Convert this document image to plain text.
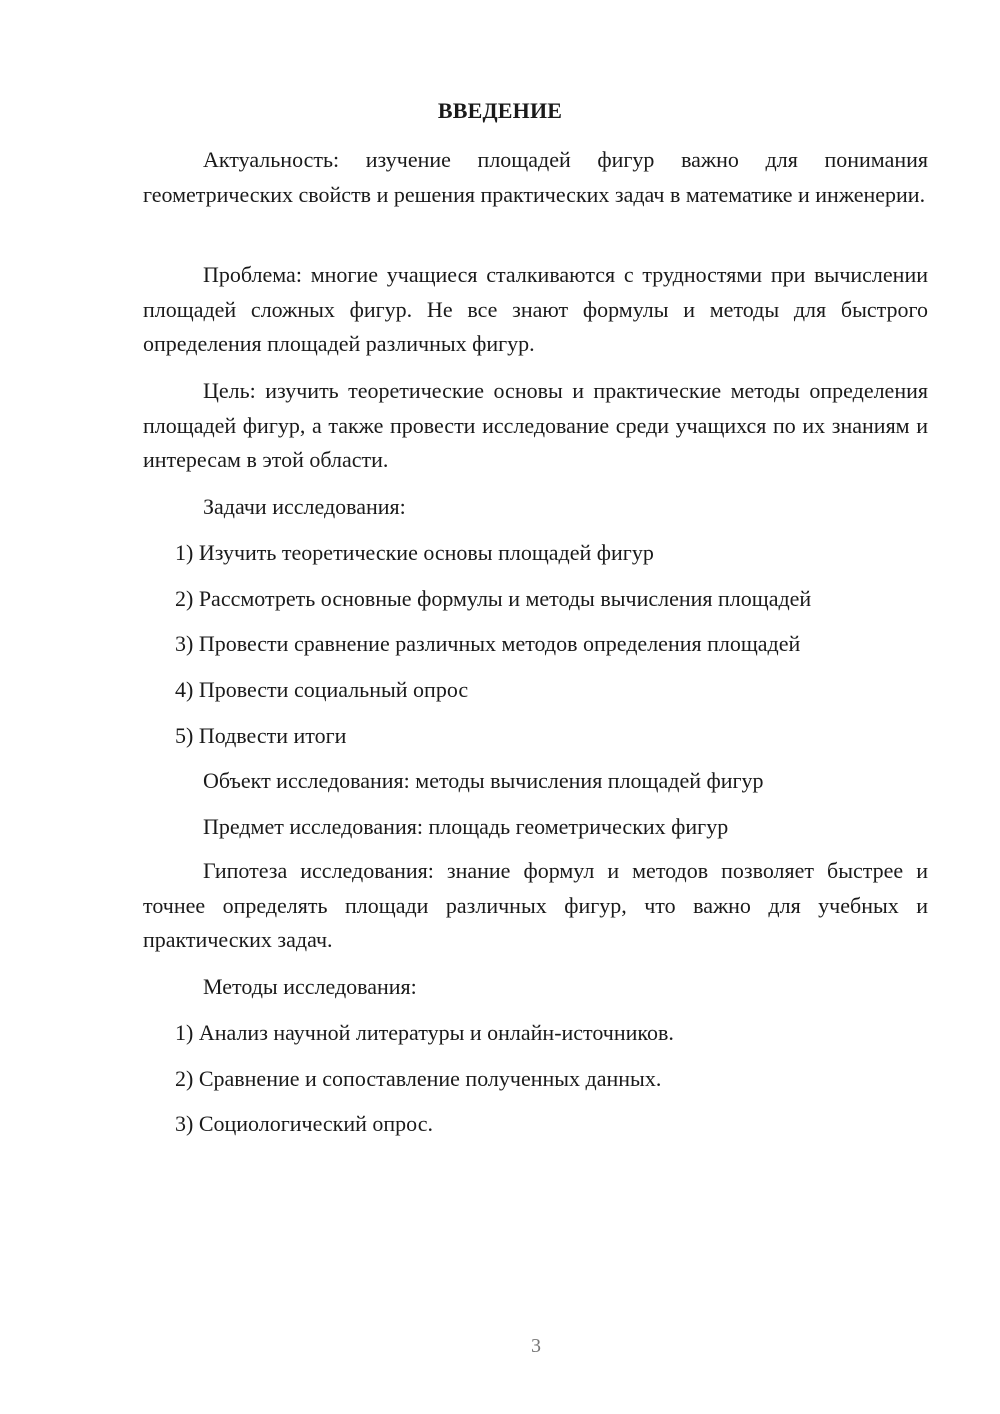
ВВЕДЕНИЕ

Актуальность: изучение площадей фигур важно для понимания геометрических свойств и решения практических задач в математике и инженерии.

Проблема: многие учащиеся сталкиваются с трудностями при вычислении площадей сложных фигур. Не все знают формулы и методы для быстрого определения площадей различных фигур.

Цель: изучить теоретические основы и практические методы определения площадей фигур, а также провести исследование среди учащихся по их знаниям и интересам в этой области.

Задачи исследования:
1) Изучить теоретические основы площадей фигур
2) Рассмотреть основные формулы и методы вычисления площадей
3) Провести сравнение различных методов определения площадей
4) Провести социальный опрос
5) Подвести итоги
Объект исследования: методы вычисления площадей фигур
Предмет исследования: площадь геометрических фигур

Гипотеза исследования: знание формул и методов позволяет быстрее и точнее определять площади различных фигур, что важно для учебных и практических задач.

Методы исследования:
1) Анализ научной литературы и онлайн-источников.
2) Сравнение и сопоставление полученных данных.
3) Социологический опрос.
3
